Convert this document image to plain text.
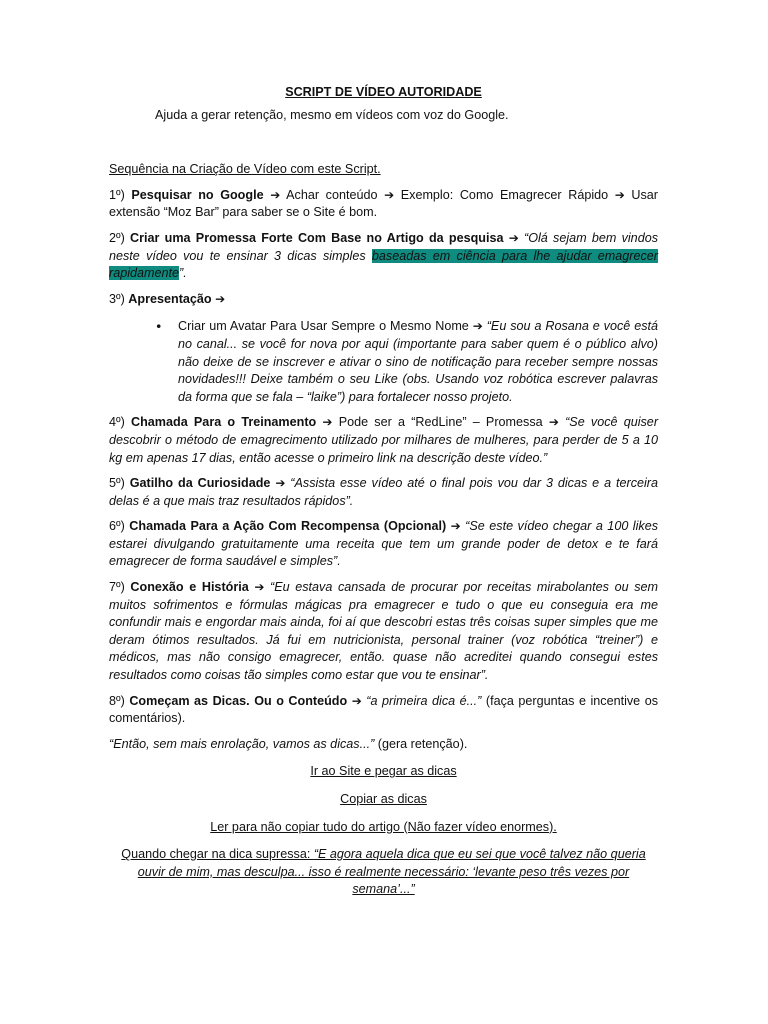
SCRIPT DE VÍDEO AUTORIDADE

Ajuda a gerar retenção, mesmo em vídeos com voz do Google.

Sequência na Criação de Vídeo com este Script.

1º) Pesquisar no Google ➔ Achar conteúdo ➔ Exemplo: Como Emagrecer Rápido ➔ Usar extensão “Moz Bar” para saber se o Site é bom.

2º) Criar uma Promessa Forte Com Base no Artigo da pesquisa ➔ “Olá sejam bem vindos neste vídeo vou te ensinar 3 dicas simples baseadas em ciência para lhe ajudar emagrecer rapidamente”.

3º) Apresentação ➔

• Criar um Avatar Para Usar Sempre o Mesmo Nome ➔ “Eu sou a Rosana e você está no canal... se você for nova por aqui (importante para saber quem é o público alvo) não deixe de se inscrever e ativar o sino de notificação para receber sempre nossas novidades!!! Deixe também o seu Like (obs. Usando voz robótica escrever palavras da forma que se fala – “laike”) para fortalecer nosso projeto.

4º) Chamada Para o Treinamento ➔ Pode ser a “RedLine” – Promessa ➔ “Se você quiser descobrir o método de emagrecimento utilizado por milhares de mulheres, para perder de 5 a 10 kg em apenas 17 dias, então acesse o primeiro link na descrição deste vídeo.”

5º) Gatilho da Curiosidade ➔ “Assista esse vídeo até o final pois vou dar 3 dicas e a terceira delas é a que mais traz resultados rápidos”.

6º) Chamada Para a Ação Com Recompensa (Opcional) ➔ “Se este vídeo chegar a 100 likes estarei divulgando gratuitamente uma receita que tem um grande poder de detox e te fará emagrecer de forma saudável e simples”.

7º) Conexão e História ➔ “Eu estava cansada de procurar por receitas mirabolantes ou sem muitos sofrimentos e fórmulas mágicas pra emagrecer e tudo o que eu conseguia era me confundir mais e engordar mais ainda, foi aí que descobri estas três coisas super simples que me deram ótimos resultados. Já fui em nutricionista, personal trainer (voz robótica “treiner”) e médicos, mas não consigo emagrecer, então. quase não acreditei quando consegui estes resultados como coisas tão simples como estar que vou te ensinar”.

8º) Começam as Dicas. Ou o Conteúdo ➔ “a primeira dica é...” (faça perguntas e incentive os comentários).

“Então, sem mais enrolação, vamos as dicas...” (gera retenção).

Ir ao Site e pegar as dicas

Copiar as dicas

Ler para não copiar tudo do artigo (Não fazer vídeo enormes).

Quando chegar na dica supressa: “E agora aquela dica que eu sei que você talvez não queria ouvir de mim, mas desculpa... isso é realmente necessário: ‘levante peso três vezes por semana’...”
